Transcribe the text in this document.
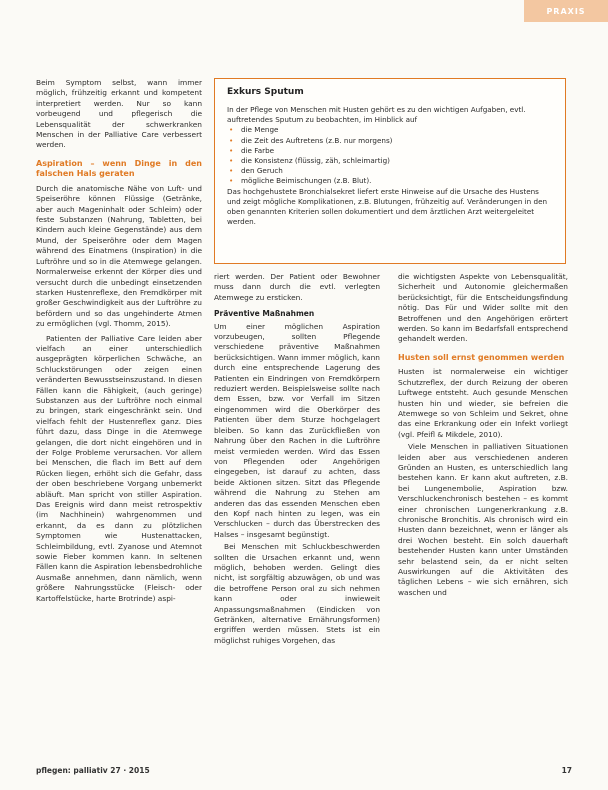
PRAXIS

Beim Symptom selbst, wann immer möglich, frühzeitig erkannt und kompetent interpretiert werden. Nur so kann vorbeugend und pflegerisch die Lebensqualität der schwerkranken Menschen in der Palliative Care verbessert werden.

Aspiration – wenn Dinge in den falschen Hals geraten

Durch die anatomische Nähe von Luft- und Speiseröhre können Flüssige (Getränke, aber auch Mageninhalt oder Schleim) oder feste Substanzen (Nahrung, Tabletten, bei Kindern auch kleine Gegenstände) aus dem Mund, der Speiseröhre oder dem Magen während des Einatmens (Inspiration) in die Luftröhre und so in die Atemwege gelangen. Normalerweise erkennt der Körper dies und versucht durch die unbedingt einsetzenden starken Hustenreflexe, den Fremdkörper mit großer Geschwindigkeit aus der Luftröhre zu befördern und so das ungehinderte Atmen zu ermöglichen (vgl. Thomm, 2015).

Patienten der Palliative Care leiden aber vielfach an einer unterschiedlich ausgeprägten körperlichen Schwäche, an Schluckstörungen oder zeigen einen veränderten Bewusstseinszustand. In diesen Fällen kann die Fähigkeit, (auch geringe) Substanzen aus der Luftröhre noch einmal zu bringen, stark eingeschränkt sein. Und vielfach fehlt der Hustenreflex ganz. Dies führt dazu, dass Dinge in die Atemwege gelangen, die dort nicht eingehören und in der Folge Probleme verursachen. Vor allem bei Menschen, die flach im Bett auf dem Rücken liegen, erhöht sich die Gefahr, dass der oben beschriebene Vorgang unbemerkt abläuft. Man spricht von stiller Aspiration. Das Ereignis wird dann meist retrospektiv (im Nachhinein) wahrgenommen und erkannt, da es dann zu plötzlichen Symptomen wie Hustenattacken, Schleimbildung, evtl. Zyanose und Atemnot sowie Fieber kommen kann. In seltenen Fällen kann die Aspiration lebensbedrohliche Ausmaße annehmen, dann nämlich, wenn größere Nahrungsstücke (Fleisch- oder Kartoffelstücke, harte Brotrinde) aspi-

Exkurs Sputum

In der Pflege von Menschen mit Husten gehört es zu den wichtigen Aufgaben, evtl. auftretendes Sputum zu beobachten, im Hinblick auf

• die Menge
• die Zeit des Auftretens (z.B. nur morgens)
• die Farbe
• die Konsistenz (flüssig, zäh, schleimartig)
• den Geruch
• mögliche Beimischungen (z.B. Blut).

Das hochgehustete Bronchialsekret liefert erste Hinweise auf die Ursache des Hustens und zeigt mögliche Komplikationen, z.B. Blutungen, frühzeitig auf. Veränderungen in den oben genannten Kriterien sollen dokumentiert und dem ärztlichen Arzt weitergeleitet werden.

riert werden. Der Patient oder Bewohner muss dann durch die evtl. verlegten Atemwege zu ersticken.

Präventive Maßnahmen

Um einer möglichen Aspiration vorzubeugen, sollten Pflegende verschiedene präventive Maßnahmen berücksichtigen. Wann immer möglich, kann durch eine entsprechende Lagerung des Patienten ein Eindringen von Fremdkörpern reduziert werden. Beispielsweise sollte nach dem Essen, bzw. vor Verfall im Sitzen eingenommen wird die Oberkörper des Patienten über dem Sturze hochgelagert bleiben. So kann das Zurückfließen von Nahrung über den Rachen in die Luftröhre meist vermieden werden. Wird das Essen von Pflegenden oder Angehörigen eingegeben, ist darauf zu achten, dass beide Aktionen sitzen. Sitzt das Pflegende während die Nahrung zu Stehen am anderen das das essenden Menschen eben den Kopf nach hinten zu legen, was ein Verschlucken – durch das Überstrecken des Halses – insgesamt begünstigt.

Bei Menschen mit Schluckbeschwerden sollten die Ursachen erkannt und, wenn möglich, behoben werden. Gelingt dies nicht, ist sorgfältig abzuwägen, ob und was die betroffene Person oral zu sich nehmen kann oder inwieweit Anpassungsmaßnahmen (Eindicken von Getränken, alternative Ernährungsformen) ergriffen werden müssen. Stets ist ein möglichst ruhiges Vorgehen, das

die wichtigsten Aspekte von Lebensqualität, Sicherheit und Autonomie gleichermaßen berücksichtigt, für die Entscheidungsfindung nötig. Das Für und Wider sollte mit den Betroffenen und den Angehörigen erörtert werden. So kann im Bedarfsfall entsprechend gehandelt werden.

Husten soll ernst genommen werden

Husten ist normalerweise ein wichtiger Schutzreflex, der durch Reizung der oberen Luftwege entsteht. Auch gesunde Menschen husten hin und wieder, sie befreien die Atemwege so von Schleim und Sekret, ohne das eine Erkrankung oder ein Infekt vorliegt (vgl. Pfeifl & Mikdele, 2010).

Viele Menschen in palliativen Situationen leiden aber aus verschiedenen anderen Gründen an Husten, es unterschiedlich lang bestehen kann. Er kann akut auftreten, z.B. bei Lungenembolie, Aspiration bzw. Verschluckenchronisch bestehen – es kommt einer chronischen Lungenerkrankung z.B. chronische Bronchitis. Als chronisch wird ein Husten dann bezeichnet, wenn er länger als drei Wochen besteht. Ein solch dauerhaft bestehender Husten kann unter Umständen sehr belastend sein, da er nicht selten Auswirkungen auf die Aktivitäten des täglichen Lebens – wie sich ernähren, sich waschen und

pflegen: palliativ 27 · 2015	17
